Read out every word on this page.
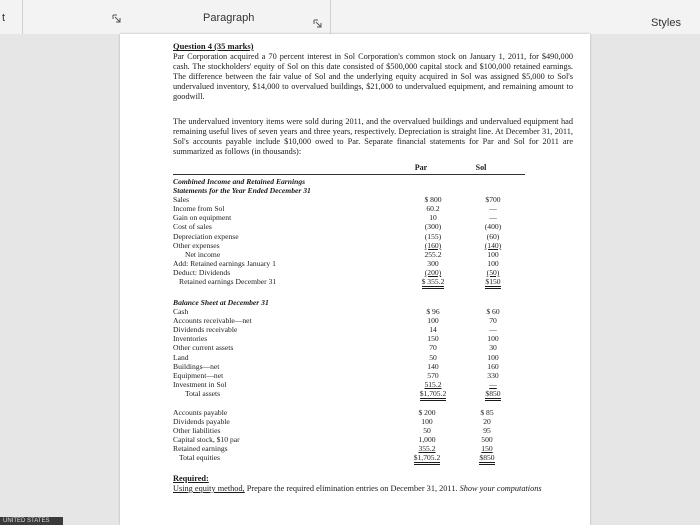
t	Paragraph	Styles
Question 4 (35 marks)
Par Corporation acquired a 70 percent interest in Sol Corporation's common stock on January 1, 2011, for $490,000 cash. The stockholders' equity of Sol on this date consisted of $500,000 capital stock and $100,000 retained earnings. The difference between the fair value of Sol and the underlying equity acquired in Sol was assigned $5,000 to Sol's undervalued inventory, $14,000 to overvalued buildings, $21,000 to undervalued equipment, and remaining amount to goodwill.
The undervalued inventory items were sold during 2011, and the overvalued buildings and undervalued equipment had remaining useful lives of seven years and three years, respectively. Depreciation is straight line. At December 31, 2011, Sol's accounts payable include $10,000 owed to Par. Separate financial statements for Par and Sol for 2011 are summarized as follows (in thousands):
	Par	Sol
Combined Income and Retained Earnings		
Statements for the Year Ended December 31		
Sales	$ 800	$700
Income from Sol	60.2	—
Gain on equipment	10	—
Cost of sales	(300)	(400)
Depreciation expense	(155)	(60)
Other expenses	(160)	(140)
Net income	255.2	100
Add: Retained earnings January 1	300	100
Deduct: Dividends	(200)	(50)
Retained earnings December 31	$ 355.2	$150
Balance Sheet at December 31		
Cash	$ 96	$ 60
Accounts receivable—net	100	70
Dividends receivable	14	—
Inventories	150	100
Other current assets	70	30
Land	50	100
Buildings—net	140	160
Equipment—net	570	330
Investment in Sol	515.2	—
Total assets	$1,705.2	$850
Accounts payable	$ 200	$ 85
Dividends payable	100	20
Other liabilities	50	95
Capital stock, $10 par	1,000	500
Retained earnings	355.2	150
Total equities	$1,705.2	$850
Required:
Using equity method, Prepare the required elimination entries on December 31, 2011. Show your computations
UNITED STATES
